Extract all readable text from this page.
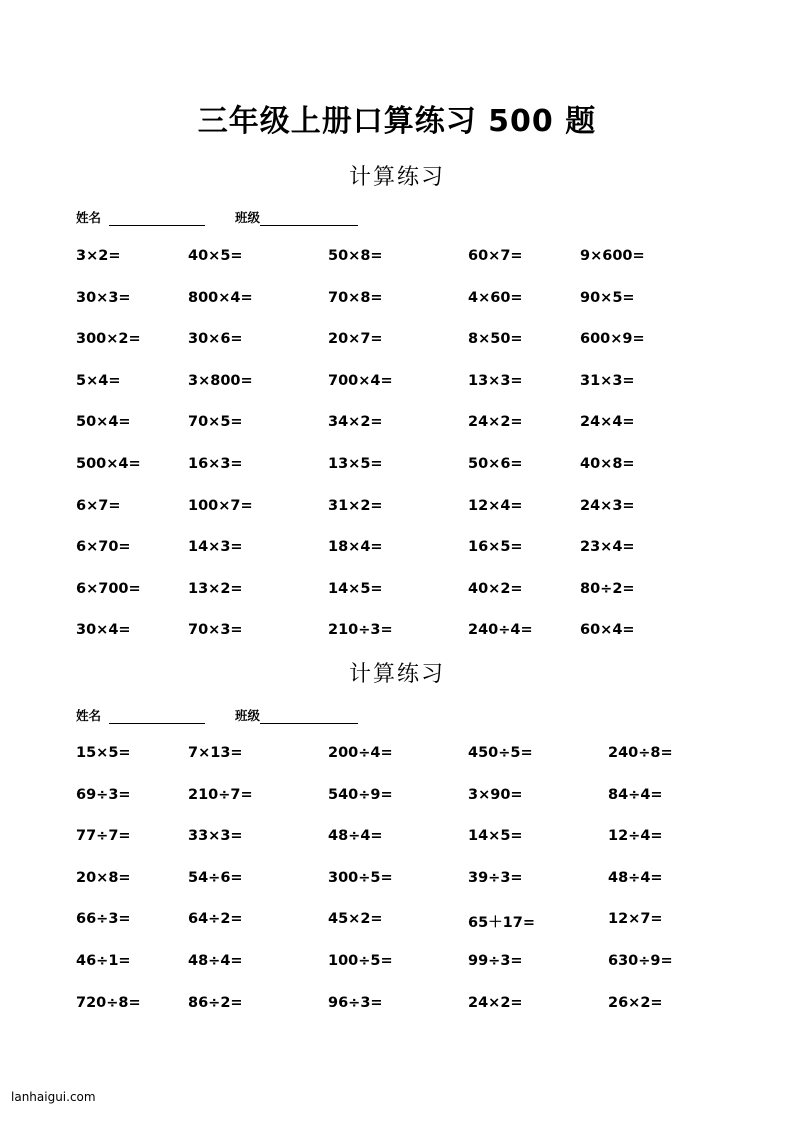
三年级上册口算练习 500 题
计算练习
姓名	班级
3×2=	40×5=	50×8=	60×7=	9×600=
30×3=	800×4=	70×8=	4×60=	90×5=
300×2=	30×6=	20×7=	8×50=	600×9=
5×4=	3×800=	700×4=	13×3=	31×3=
50×4=	70×5=	34×2=	24×2=	24×4=
500×4=	16×3=	13×5=	50×6=	40×8=
6×7=	100×7=	31×2=	12×4=	24×3=
6×70=	14×3=	18×4=	16×5=	23×4=
6×700=	13×2=	14×5=	40×2=	80÷2=
30×4=	70×3=	210÷3=	240÷4=	60×4=
计算练习
姓名	班级
15×5=	7×13=	200÷4=	450÷5=	240÷8=
69÷3=	210÷7=	540÷9=	3×90=	84÷4=
77÷7=	33×3=	48÷4=	14×5=	12÷4=
20×8=	54÷6=	300÷5=	39÷3=	48÷4=
66÷3=	64÷2=	45×2=	65＋17=	12×7=
46÷1=	48÷4=	100÷5=	99÷3=	630÷9=
720÷8=	86÷2=	96÷3=	24×2=	26×2=
lanhaigui.com
